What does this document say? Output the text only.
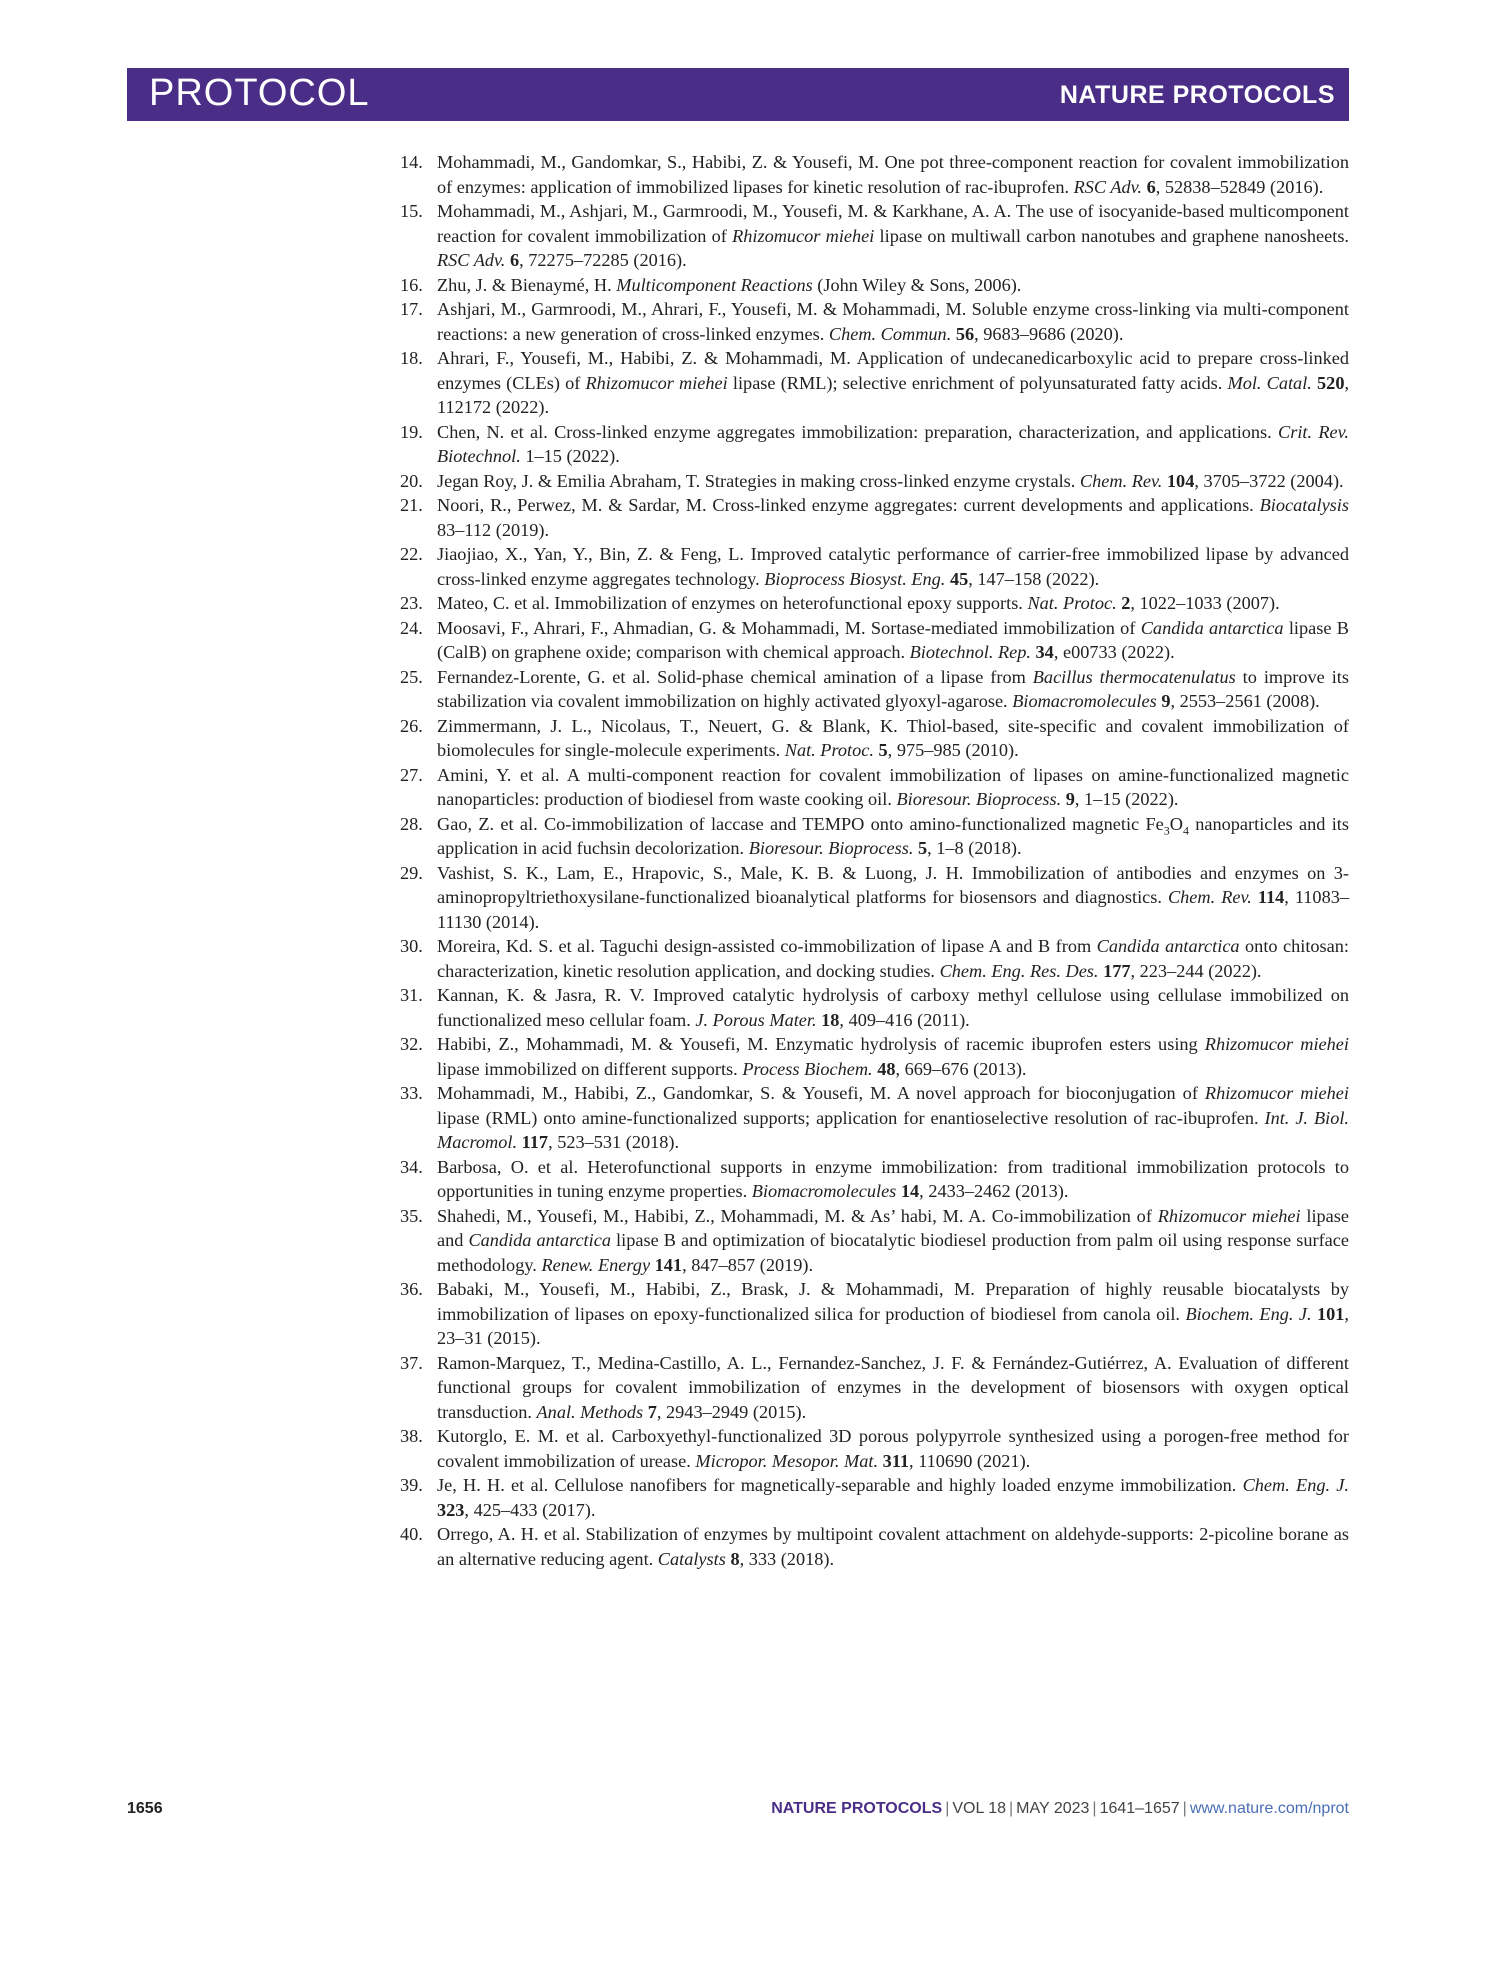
PROTOCOL	NATURE PROTOCOLS
14. Mohammadi, M., Gandomkar, S., Habibi, Z. & Yousefi, M. One pot three-component reaction for covalent immobilization of enzymes: application of immobilized lipases for kinetic resolution of rac-ibuprofen. RSC Adv. 6, 52838–52849 (2016).
15. Mohammadi, M., Ashjari, M., Garmroodi, M., Yousefi, M. & Karkhane, A. A. The use of isocyanide-based multicomponent reaction for covalent immobilization of Rhizomucor miehei lipase on multiwall carbon nanotubes and graphene nanosheets. RSC Adv. 6, 72275–72285 (2016).
16. Zhu, J. & Bienaymé, H. Multicomponent Reactions (John Wiley & Sons, 2006).
17. Ashjari, M., Garmroodi, M., Ahrari, F., Yousefi, M. & Mohammadi, M. Soluble enzyme cross-linking via multi-component reactions: a new generation of cross-linked enzymes. Chem. Commun. 56, 9683–9686 (2020).
18. Ahrari, F., Yousefi, M., Habibi, Z. & Mohammadi, M. Application of undecanedicarboxylic acid to prepare cross-linked enzymes (CLEs) of Rhizomucor miehei lipase (RML); selective enrichment of polyunsaturated fatty acids. Mol. Catal. 520, 112172 (2022).
19. Chen, N. et al. Cross-linked enzyme aggregates immobilization: preparation, characterization, and applications. Crit. Rev. Biotechnol. 1–15 (2022).
20. Jegan Roy, J. & Emilia Abraham, T. Strategies in making cross-linked enzyme crystals. Chem. Rev. 104, 3705–3722 (2004).
21. Noori, R., Perwez, M. & Sardar, M. Cross-linked enzyme aggregates: current developments and applications. Biocatalysis 83–112 (2019).
22. Jiaojiao, X., Yan, Y., Bin, Z. & Feng, L. Improved catalytic performance of carrier-free immobilized lipase by advanced cross-linked enzyme aggregates technology. Bioprocess Biosyst. Eng. 45, 147–158 (2022).
23. Mateo, C. et al. Immobilization of enzymes on heterofunctional epoxy supports. Nat. Protoc. 2, 1022–1033 (2007).
24. Moosavi, F., Ahrari, F., Ahmadian, G. & Mohammadi, M. Sortase-mediated immobilization of Candida antarctica lipase B (CalB) on graphene oxide; comparison with chemical approach. Biotechnol. Rep. 34, e00733 (2022).
25. Fernandez-Lorente, G. et al. Solid-phase chemical amination of a lipase from Bacillus thermocatenulatus to improve its stabilization via covalent immobilization on highly activated glyoxyl-agarose. Biomacromolecules 9, 2553–2561 (2008).
26. Zimmermann, J. L., Nicolaus, T., Neuert, G. & Blank, K. Thiol-based, site-specific and covalent immobilization of biomolecules for single-molecule experiments. Nat. Protoc. 5, 975–985 (2010).
27. Amini, Y. et al. A multi-component reaction for covalent immobilization of lipases on amine-functionalized magnetic nanoparticles: production of biodiesel from waste cooking oil. Bioresour. Bioprocess. 9, 1–15 (2022).
28. Gao, Z. et al. Co-immobilization of laccase and TEMPO onto amino-functionalized magnetic $Fe_3O_4$ nanoparticles and its application in acid fuchsin decolorization. Bioresour. Bioprocess. 5, 1–8 (2018).
29. Vashist, S. K., Lam, E., Hrapovic, S., Male, K. B. & Luong, J. H. Immobilization of antibodies and enzymes on 3-aminopropyltriethoxysilane-functionalized bioanalytical platforms for biosensors and diagnostics. Chem. Rev. 114, 11083–11130 (2014).
30. Moreira, Kd. S. et al. Taguchi design-assisted co-immobilization of lipase A and B from Candida antarctica onto chitosan: characterization, kinetic resolution application, and docking studies. Chem. Eng. Res. Des. 177, 223–244 (2022).
31. Kannan, K. & Jasra, R. V. Improved catalytic hydrolysis of carboxy methyl cellulose using cellulase immobilized on functionalized meso cellular foam. J. Porous Mater. 18, 409–416 (2011).
32. Habibi, Z., Mohammadi, M. & Yousefi, M. Enzymatic hydrolysis of racemic ibuprofen esters using Rhizomucor miehei lipase immobilized on different supports. Process Biochem. 48, 669–676 (2013).
33. Mohammadi, M., Habibi, Z., Gandomkar, S. & Yousefi, M. A novel approach for bioconjugation of Rhizomucor miehei lipase (RML) onto amine-functionalized supports; application for enantioselective resolution of rac-ibuprofen. Int. J. Biol. Macromol. 117, 523–531 (2018).
34. Barbosa, O. et al. Heterofunctional supports in enzyme immobilization: from traditional immobilization protocols to opportunities in tuning enzyme properties. Biomacromolecules 14, 2433–2462 (2013).
35. Shahedi, M., Yousefi, M., Habibi, Z., Mohammadi, M. & As’ habi, M. A. Co-immobilization of Rhizomucor miehei lipase and Candida antarctica lipase B and optimization of biocatalytic biodiesel production from palm oil using response surface methodology. Renew. Energy 141, 847–857 (2019).
36. Babaki, M., Yousefi, M., Habibi, Z., Brask, J. & Mohammadi, M. Preparation of highly reusable biocatalysts by immobilization of lipases on epoxy-functionalized silica for production of biodiesel from canola oil. Biochem. Eng. J. 101, 23–31 (2015).
37. Ramon-Marquez, T., Medina-Castillo, A. L., Fernandez-Sanchez, J. F. & Fernández-Gutiérrez, A. Evaluation of different functional groups for covalent immobilization of enzymes in the development of biosensors with oxygen optical transduction. Anal. Methods 7, 2943–2949 (2015).
38. Kutorglo, E. M. et al. Carboxyethyl-functionalized 3D porous polypyrrole synthesized using a porogen-free method for covalent immobilization of urease. Micropor. Mesopor. Mat. 311, 110690 (2021).
39. Je, H. H. et al. Cellulose nanofibers for magnetically-separable and highly loaded enzyme immobilization. Chem. Eng. J. 323, 425–433 (2017).
40. Orrego, A. H. et al. Stabilization of enzymes by multipoint covalent attachment on aldehyde-supports: 2-picoline borane as an alternative reducing agent. Catalysts 8, 333 (2018).
1656	NATURE PROTOCOLS | VOL 18 | MAY 2023 | 1641–1657 | www.nature.com/nprot
